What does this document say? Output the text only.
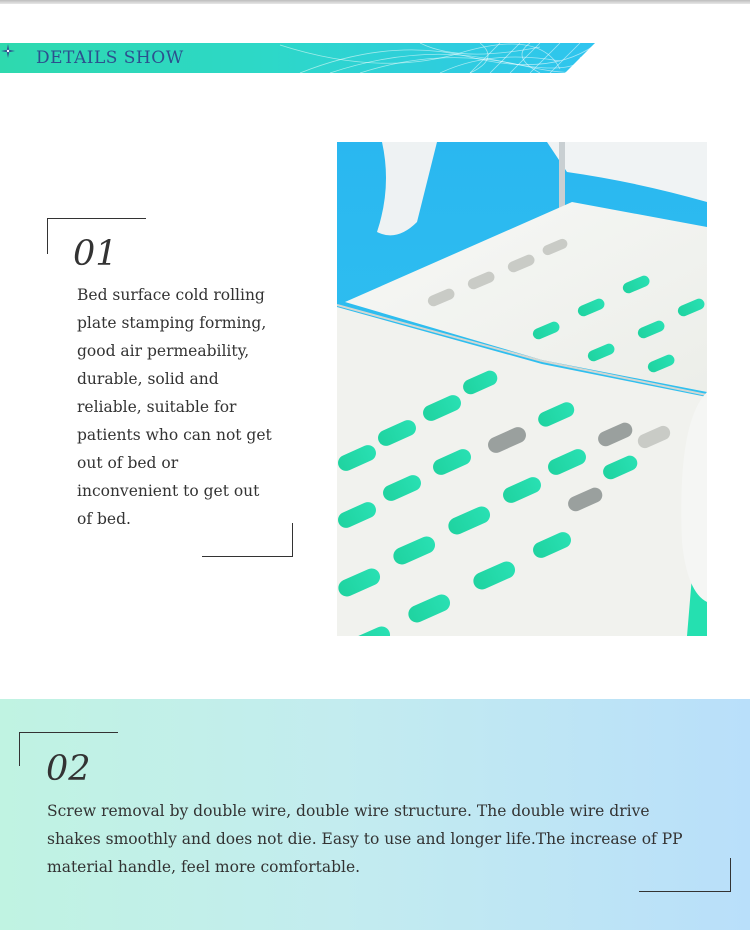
DETAILS SHOW
01

Bed surface cold rolling plate stamping forming, good air permeability, durable, solid and reliable, suitable for patients who can not get out of bed or inconvenient to get out of bed.

02

Screw removal by double wire, double wire structure. The double wire drive shakes smoothly and does not die. Easy to use and longer life.The increase of PP material handle, feel more comfortable.
